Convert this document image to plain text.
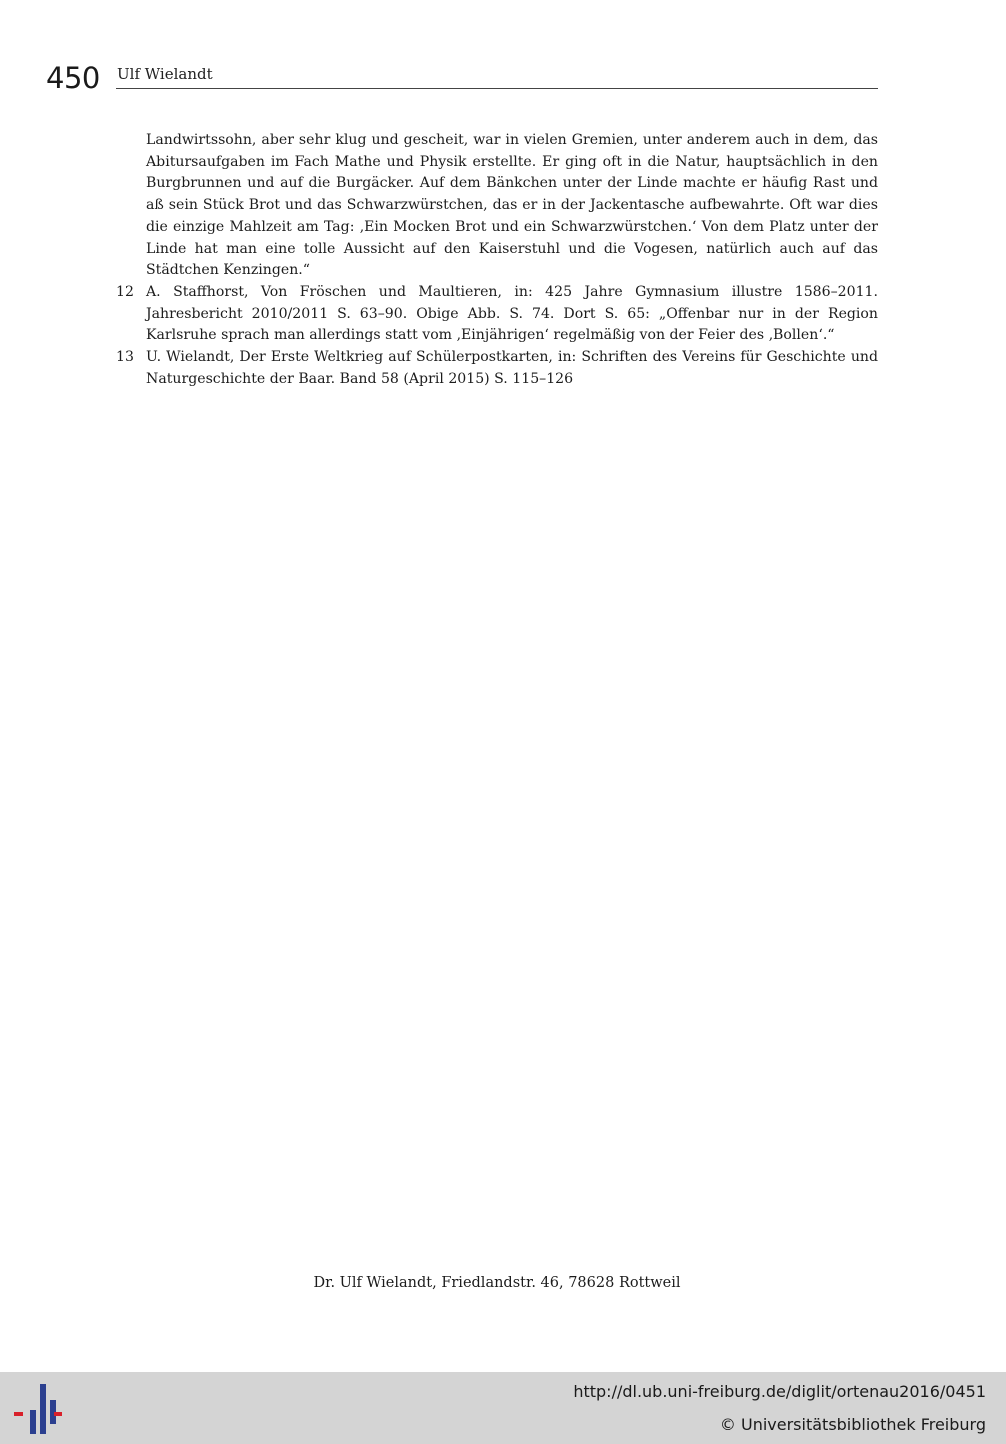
450 Ulf Wielandt
Landwirtssohn, aber sehr klug und gescheit, war in vielen Gremien, unter anderem auch in dem, das Abitursaufgaben im Fach Mathe und Physik erstellte. Er ging oft in die Natur, hauptsächlich in den Burgbrunnen und auf die Burgäcker. Auf dem Bänkchen unter der Linde machte er häufig Rast und aß sein Stück Brot und das Schwarzwürstchen, das er in der Jackentasche aufbewahrte. Oft war dies die einzige Mahlzeit am Tag: ‚Ein Mocken Brot und ein Schwarzwürstchen.‘ Von dem Platz unter der Linde hat man eine tolle Aussicht auf den Kaiserstuhl und die Vogesen, natürlich auch auf das Städtchen Kenzingen.“
12 A. Staffhorst, Von Fröschen und Maultieren, in: 425 Jahre Gymnasium illustre 1586–2011. Jahresbericht 2010/2011 S. 63–90. Obige Abb. S. 74. Dort S. 65: „Offenbar nur in der Region Karlsruhe sprach man allerdings statt vom ‚Einjährigen‘ regelmäßig von der Feier des ‚Bollen‘.“
13 U. Wielandt, Der Erste Weltkrieg auf Schülerpostkarten, in: Schriften des Vereins für Geschichte und Naturgeschichte der Baar. Band 58 (April 2015) S. 115–126
Dr. Ulf Wielandt, Friedlandstr. 46, 78628 Rottweil
http://dl.ub.uni-freiburg.de/diglit/ortenau2016/0451
© Universitätsbibliothek Freiburg
